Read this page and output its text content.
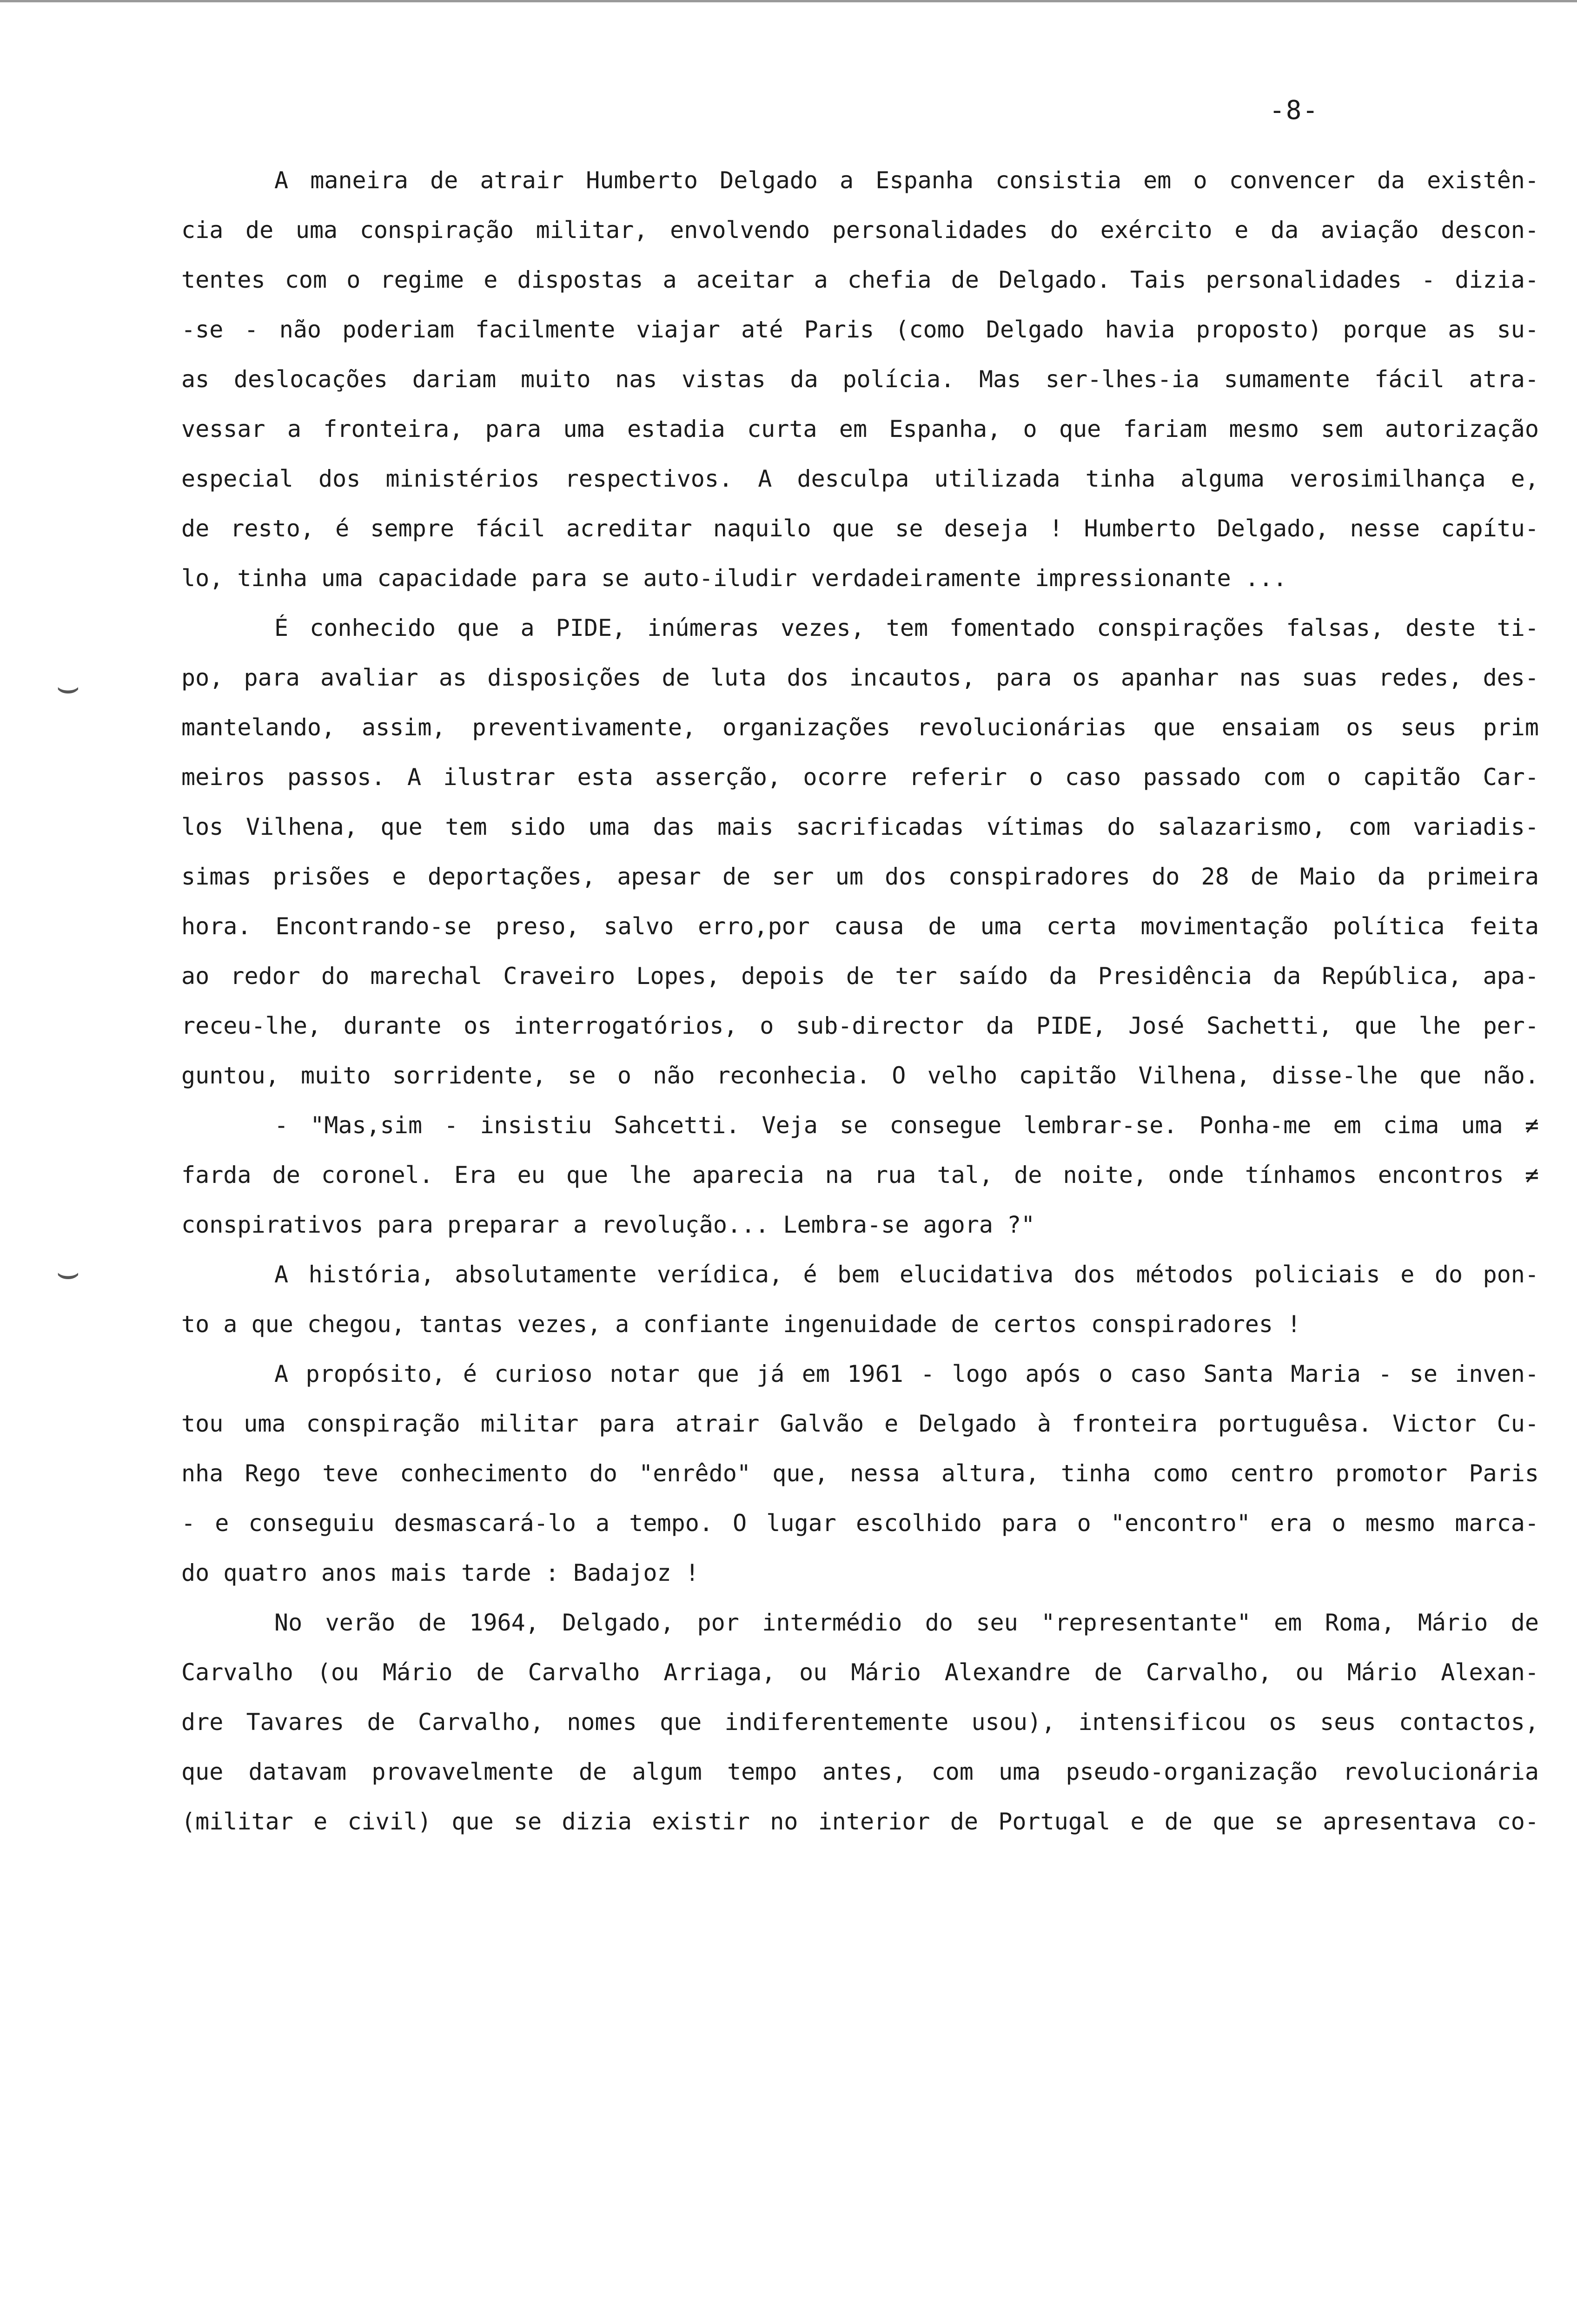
-8-
⌣
⌣
A maneira de atrair Humberto Delgado a Espanha consistia em o convencer da existên-
cia de uma conspiração militar, envolvendo personalidades do exército e da aviação descon-
tentes com o regime e dispostas a aceitar a chefia de Delgado. Tais personalidades - dizia-
-se - não poderiam facilmente viajar até Paris (como Delgado havia proposto) porque as su-
as deslocações dariam muito nas vistas da polícia. Mas ser-lhes-ia sumamente fácil atra-
vessar a fronteira, para uma estadia curta em Espanha, o que fariam mesmo sem autorização
especial dos ministérios respectivos. A desculpa utilizada tinha alguma verosimilhança e,
de resto, é sempre fácil acreditar naquilo que se deseja ! Humberto Delgado, nesse capítu-
lo, tinha uma capacidade para se auto-iludir verdadeiramente impressionante ...
É conhecido que a PIDE, inúmeras vezes, tem fomentado conspirações falsas, deste ti-
po, para avaliar as disposições de luta dos incautos, para os apanhar nas suas redes, des-
mantelando, assim, preventivamente, organizações revolucionárias que ensaiam os seus prim
meiros passos. A ilustrar esta asserção, ocorre referir o caso passado com o capitão Car-
los Vilhena, que tem sido uma das mais sacrificadas vítimas do salazarismo, com variadis-
simas prisões e deportações, apesar de ser um dos conspiradores do 28 de Maio da primeira
hora. Encontrando-se preso, salvo erro,por causa de uma certa movimentação política feita
ao redor do marechal Craveiro Lopes, depois de ter saído da Presidência da República, apa-
receu-lhe, durante os interrogatórios, o sub-director da PIDE, José Sachetti, que lhe per-
guntou, muito sorridente, se o não reconhecia. O velho capitão Vilhena, disse-lhe que não.
- "Mas,sim - insistiu Sahcetti. Veja se consegue lembrar-se. Ponha-me em cima uma ≠
farda de coronel. Era eu que lhe aparecia na rua tal, de noite, onde tínhamos encontros ≠
conspirativos para preparar a revolução... Lembra-se agora ?"
A história, absolutamente verídica, é bem elucidativa dos métodos policiais e do pon-
to a que chegou, tantas vezes, a confiante ingenuidade de certos conspiradores !
A propósito, é curioso notar que já em 1961 - logo após o caso Santa Maria - se inven-
tou uma conspiração militar para atrair Galvão e Delgado à fronteira portuguêsa. Victor Cu-
nha Rego teve conhecimento do "enrêdo" que, nessa altura, tinha como centro promotor Paris
- e conseguiu desmascará-lo a tempo. O lugar escolhido para o "encontro" era o mesmo marca-
do quatro anos mais tarde : Badajoz !
No verão de 1964, Delgado, por intermédio do seu "representante" em Roma, Mário de
Carvalho (ou Mário de Carvalho Arriaga, ou Mário Alexandre de Carvalho, ou Mário Alexan-
dre Tavares de Carvalho, nomes que indiferentemente usou), intensificou os seus contactos,
que datavam provavelmente de algum tempo antes, com uma pseudo-organização revolucionária
(militar e civil) que se dizia existir no interior de Portugal e de que se apresentava co-
